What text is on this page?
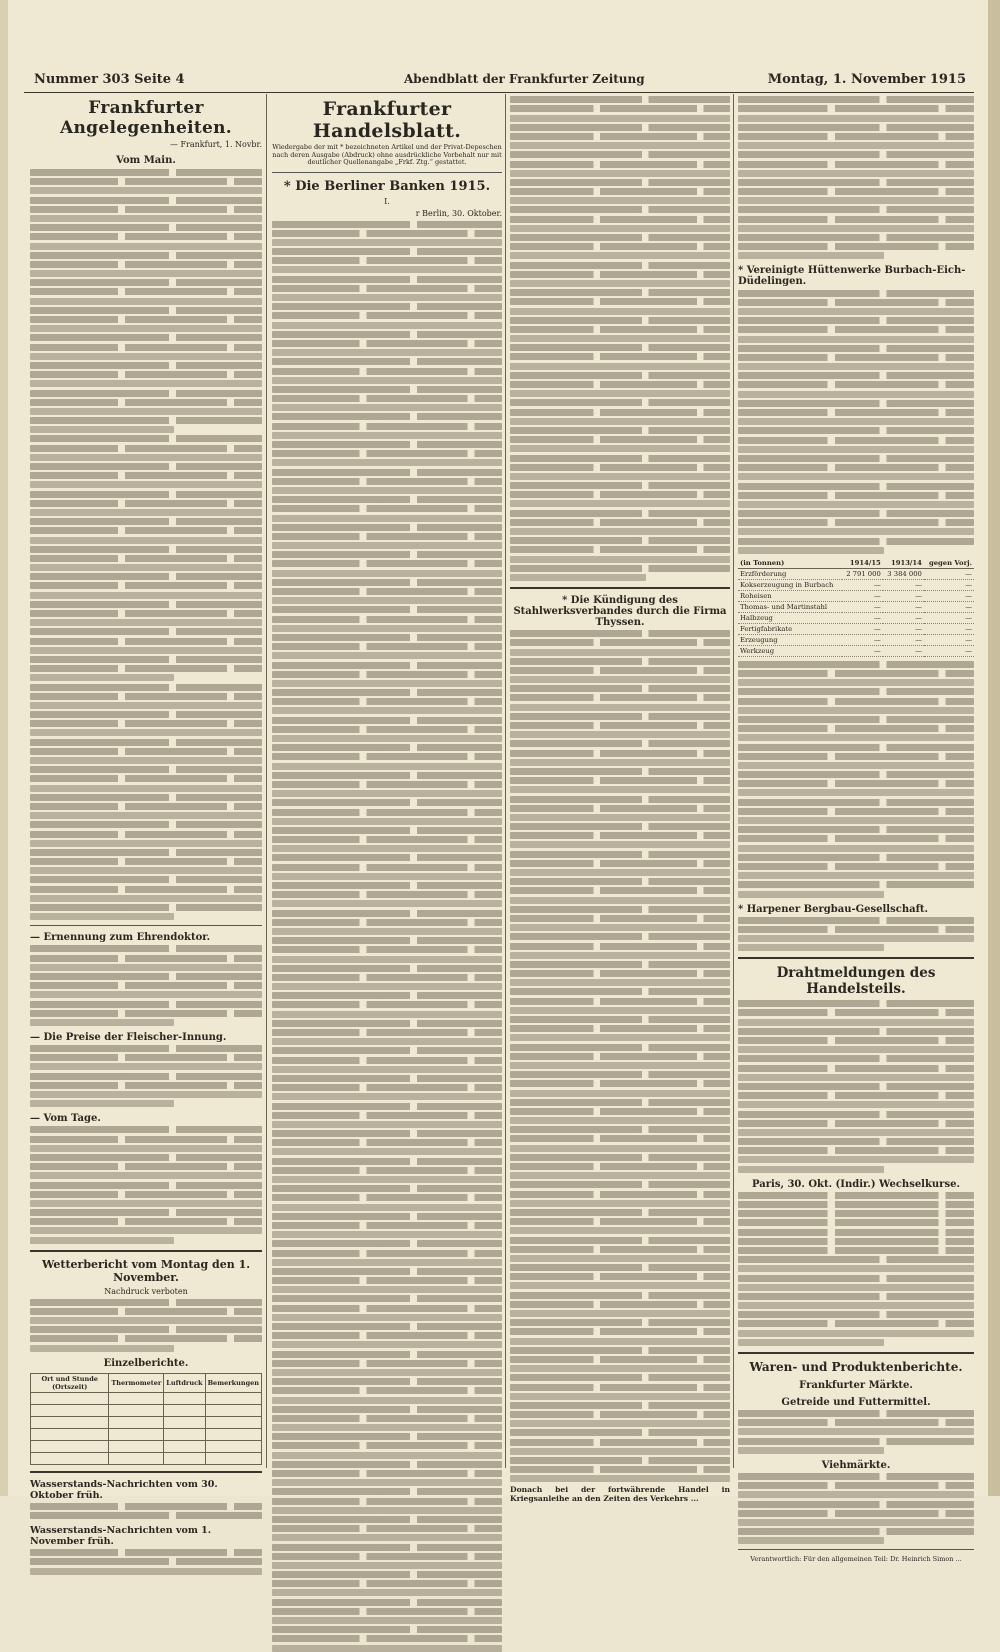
Nummer 303 Seite 4	Abendblatt der Frankfurter Zeitung	Montag, 1. November 1915
Frankfurter Angelegenheiten.
— Frankfurt, 1. Novbr.
Vom Main.
— Ernennung zum Ehrendoktor.
— Die Preise der Fleischer-Innung.
— Vom Tage.
Wetterbericht vom Montag den 1. November.
Nachdruck verboten
Einzelberichte.
Ort und Stunde (Ortszeit)	Thermometer	Luftdruck	Bemerkungen

Wasserstands-Nachrichten vom 30. Oktober früh.
Wasserstands-Nachrichten vom 1. November früh.
Frankfurter Handelsblatt.
Wiedergabe der mit * bezeichneten Artikel und der Privat-Depeschen nach deren Ausgabe (Abdruck) ohne ausdrückliche Vorbehalt nur mit deutlicher Quellenangabe „Frkf. Ztg.“ gestattet.
* Die Berliner Banken 1915.
I.
r Berlin, 30. Oktober.
* Die Kündigung des Stahlwerksverbandes durch die Firma Thyssen.
Donach bei der fortwährende Handel in Kriegsanleihe an den Zeiten des Verkehrs ...
* Vereinigte Hüttenwerke Burbach-Eich-Düdelingen.
(in Tonnen)	1914/15	1913/14	gegen Vorj.
Erzförderung	2 791 000	3 384 000	—
Kokserzeugung in Burbach	—	—	—
Roheisen	—	—	—
Thomas- und Martinstahl	—	—	—
Halbzeug	—	—	—
Fertigfabrikate	—	—	—
Erzeugung	—	—	—
Werkzeug	—	—	—
* Harpener Bergbau-Gesellschaft.
Drahtmeldungen des Handelsteils.
Paris, 30. Okt. (Indir.) Wechselkurse.
Waren- und Produktenberichte.
Frankfurter Märkte.
Getreide und Futtermittel.
Viehmärkte.
Verantwortlich: Für den allgemeinen Teil: Dr. Heinrich Simon ...
